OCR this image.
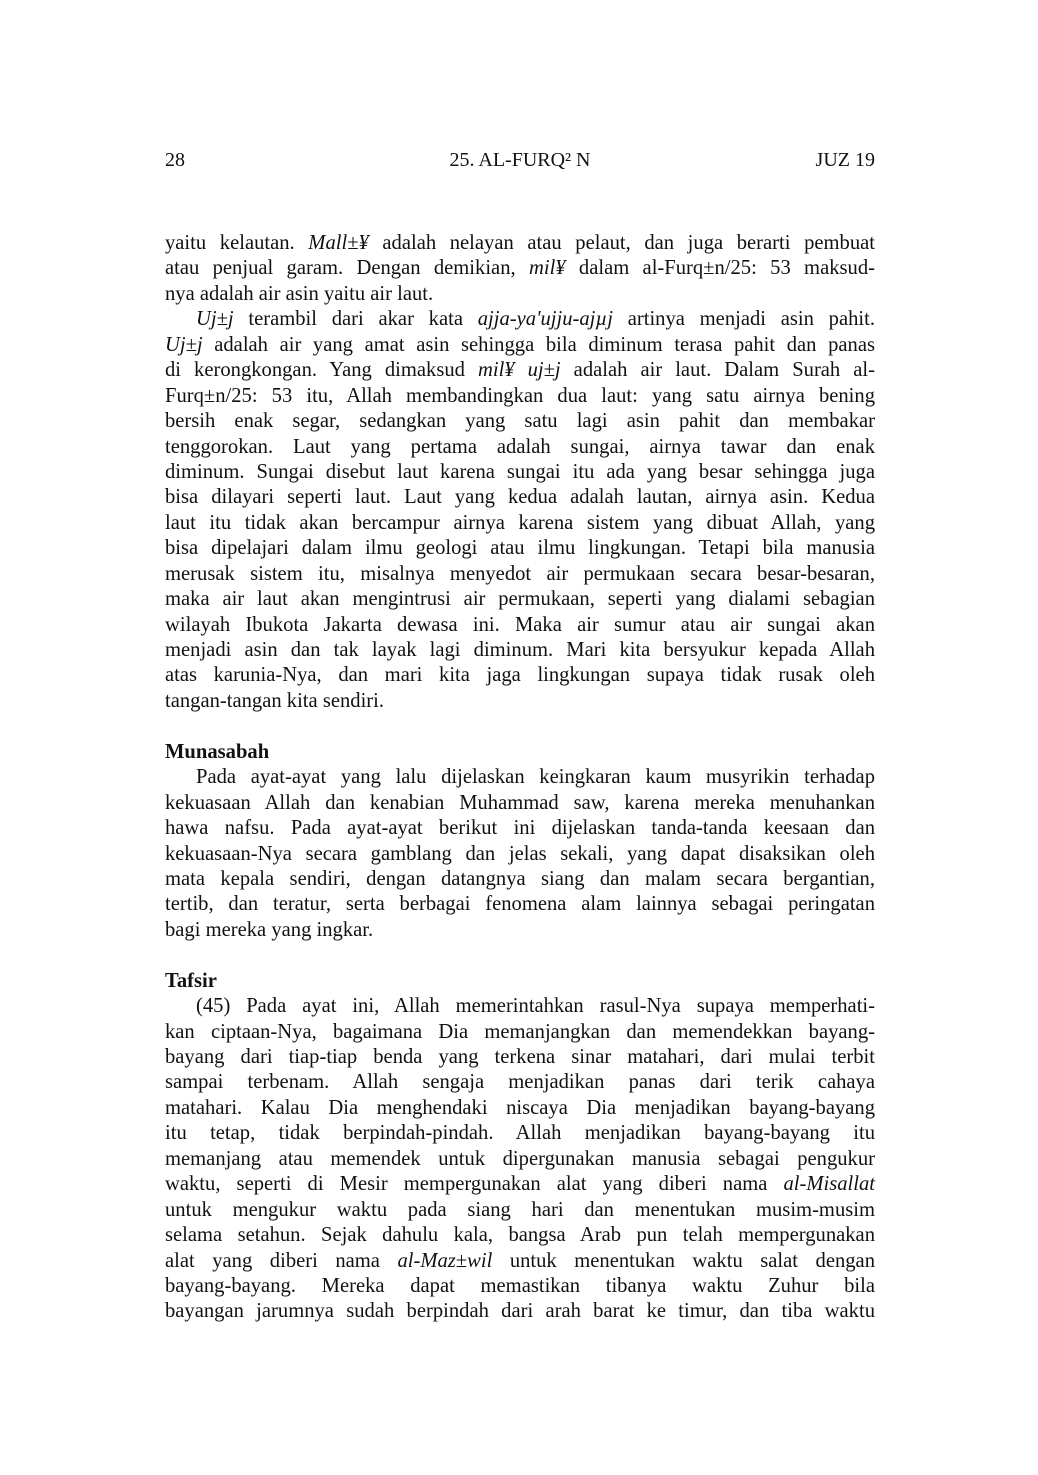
28	25. AL-FURQ² N	JUZ 19
yaitu kelautan. Mall±¥ adalah nelayan atau pelaut, dan juga berarti pembuat
atau penjual garam. Dengan demikian, mil¥ dalam al-Furq±n/25: 53 maksud-
nya adalah air asin yaitu air laut.
Uj±j terambil dari akar kata ajja-ya'ujju-ajµj artinya menjadi asin pahit.
Uj±j adalah air yang amat asin sehingga bila diminum terasa pahit dan panas
di kerongkongan. Yang dimaksud mil¥ uj±j adalah air laut. Dalam Surah al-
Furq±n/25: 53 itu, Allah membandingkan dua laut: yang satu airnya bening
bersih enak segar, sedangkan yang satu lagi asin pahit dan membakar
tenggorokan. Laut yang pertama adalah sungai, airnya tawar dan enak
diminum. Sungai disebut laut karena sungai itu ada yang besar sehingga juga
bisa dilayari seperti laut. Laut yang kedua adalah lautan, airnya asin. Kedua
laut itu tidak akan bercampur airnya karena sistem yang dibuat Allah, yang
bisa dipelajari dalam ilmu geologi atau ilmu lingkungan. Tetapi bila manusia
merusak sistem itu, misalnya menyedot air permukaan secara besar-besaran,
maka air laut akan mengintrusi air permukaan, seperti yang dialami sebagian
wilayah Ibukota Jakarta dewasa ini. Maka air sumur atau air sungai akan
menjadi asin dan tak layak lagi diminum. Mari kita bersyukur kepada Allah
atas karunia-Nya, dan mari kita jaga lingkungan supaya tidak rusak oleh
tangan-tangan kita sendiri.
Munasabah
Pada ayat-ayat yang lalu dijelaskan keingkaran kaum musyrikin terhadap
kekuasaan Allah dan kenabian Muhammad saw, karena mereka menuhankan
hawa nafsu. Pada ayat-ayat berikut ini dijelaskan tanda-tanda keesaan dan
kekuasaan-Nya secara gamblang dan jelas sekali, yang dapat disaksikan oleh
mata kepala sendiri, dengan datangnya siang dan malam secara bergantian,
tertib, dan teratur, serta berbagai fenomena alam lainnya sebagai peringatan
bagi mereka yang ingkar.
Tafsir
(45) Pada ayat ini, Allah memerintahkan rasul-Nya supaya memperhati-
kan ciptaan-Nya, bagaimana Dia memanjangkan dan memendekkan bayang-
bayang dari tiap-tiap benda yang terkena sinar matahari, dari mulai terbit
sampai terbenam. Allah sengaja menjadikan panas dari terik cahaya
matahari. Kalau Dia menghendaki niscaya Dia menjadikan bayang-bayang
itu tetap, tidak berpindah-pindah. Allah menjadikan bayang-bayang itu
memanjang atau memendek untuk dipergunakan manusia sebagai pengukur
waktu, seperti di Mesir mempergunakan alat yang diberi nama al-Misallat
untuk mengukur waktu pada siang hari dan menentukan musim-musim
selama setahun. Sejak dahulu kala, bangsa Arab pun telah mempergunakan
alat yang diberi nama al-Maz±wil untuk menentukan waktu salat dengan
bayang-bayang. Mereka dapat memastikan tibanya waktu Zuhur bila
bayangan jarumnya sudah berpindah dari arah barat ke timur, dan tiba waktu
